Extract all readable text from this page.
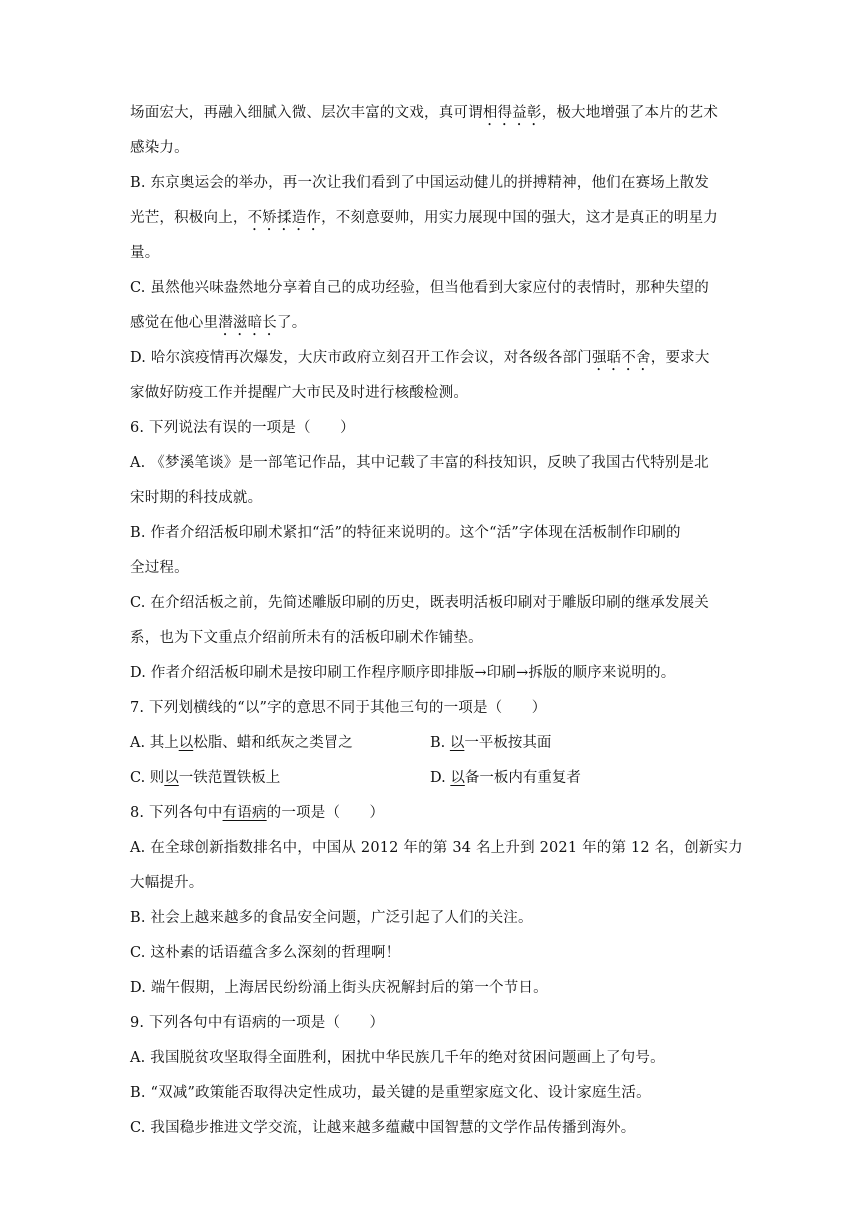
场面宏大，再融入细腻入微、层次丰富的文戏，真可谓相得益彰，极大地增强了本片的艺术
感染力。
B. 东京奥运会的举办，再一次让我们看到了中国运动健儿的拼搏精神，他们在赛场上散发
光芒，积极向上，不矫揉造作，不刻意耍帅，用实力展现中国的强大，这才是真正的明星力
量。
C. 虽然他兴味盎然地分享着自己的成功经验，但当他看到大家应付的表情时，那种失望的
感觉在他心里潜滋暗长了。
D. 哈尔滨疫情再次爆发，大庆市政府立刻召开工作会议，对各级各部门强聒不舍，要求大
家做好防疫工作并提醒广大市民及时进行核酸检测。
6. 下列说法有误的一项是（　　）
A. 《梦溪笔谈》是一部笔记作品，其中记载了丰富的科技知识，反映了我国古代特别是北
宋时期的科技成就。
B. 作者介绍活板印刷术紧扣“活”的特征来说明的。这个“活”字体现在活板制作印刷的
全过程。
C. 在介绍活板之前，先简述雕版印刷的历史，既表明活板印刷对于雕版印刷的继承发展关
系，也为下文重点介绍前所未有的活板印刷术作铺垫。
D. 作者介绍活板印刷术是按印刷工作程序顺序即排版→印刷→拆版的顺序来说明的。
7. 下列划横线的“以”字的意思不同于其他三句的一项是（　　）
A. 其上以松脂、蜡和纸灰之类冒之	B. 以一平板按其面
C. 则以一铁范置铁板上	D. 以备一板内有重复者
8. 下列各句中有语病的一项是（　　）
A. 在全球创新指数排名中，中国从 2012 年的第 34 名上升到 2021 年的第 12 名，创新实力
大幅提升。
B. 社会上越来越多的食品安全问题，广泛引起了人们的关注。
C. 这朴素的话语蕴含多么深刻的哲理啊！
D. 端午假期，上海居民纷纷涌上街头庆祝解封后的第一个节日。
9. 下列各句中有语病的一项是（　　）
A. 我国脱贫攻坚取得全面胜利，困扰中华民族几千年的绝对贫困问题画上了句号。
B. “双减”政策能否取得决定性成功，最关键的是重塑家庭文化、设计家庭生活。
C. 我国稳步推进文学交流，让越来越多蕴藏中国智慧的文学作品传播到海外。
